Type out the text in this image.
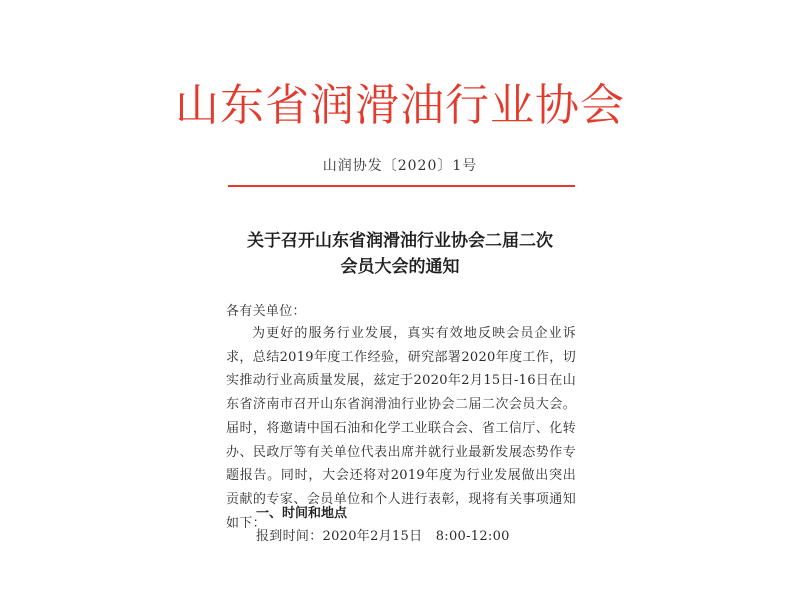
山东省润滑油行业协会
山润协发〔2020〕1号
关于召开山东省润滑油行业协会二届二次
会员大会的通知
各有关单位：
为更好的服务行业发展，真实有效地反映会员企业诉求，总结2019年度工作经验，研究部署2020年度工作，切实推动行业高质量发展，兹定于2020年2月15日-16日在山东省济南市召开山东省润滑油行业协会二届二次会员大会。届时，将邀请中国石油和化学工业联合会、省工信厅、化转办、民政厅等有关单位代表出席并就行业最新发展态势作专题报告。同时，大会还将对2019年度为行业发展做出突出贡献的专家、会员单位和个人进行表彰，现将有关事项通知如下：
一、时间和地点
报到时间：2020年2月15日　8:00-12:00
